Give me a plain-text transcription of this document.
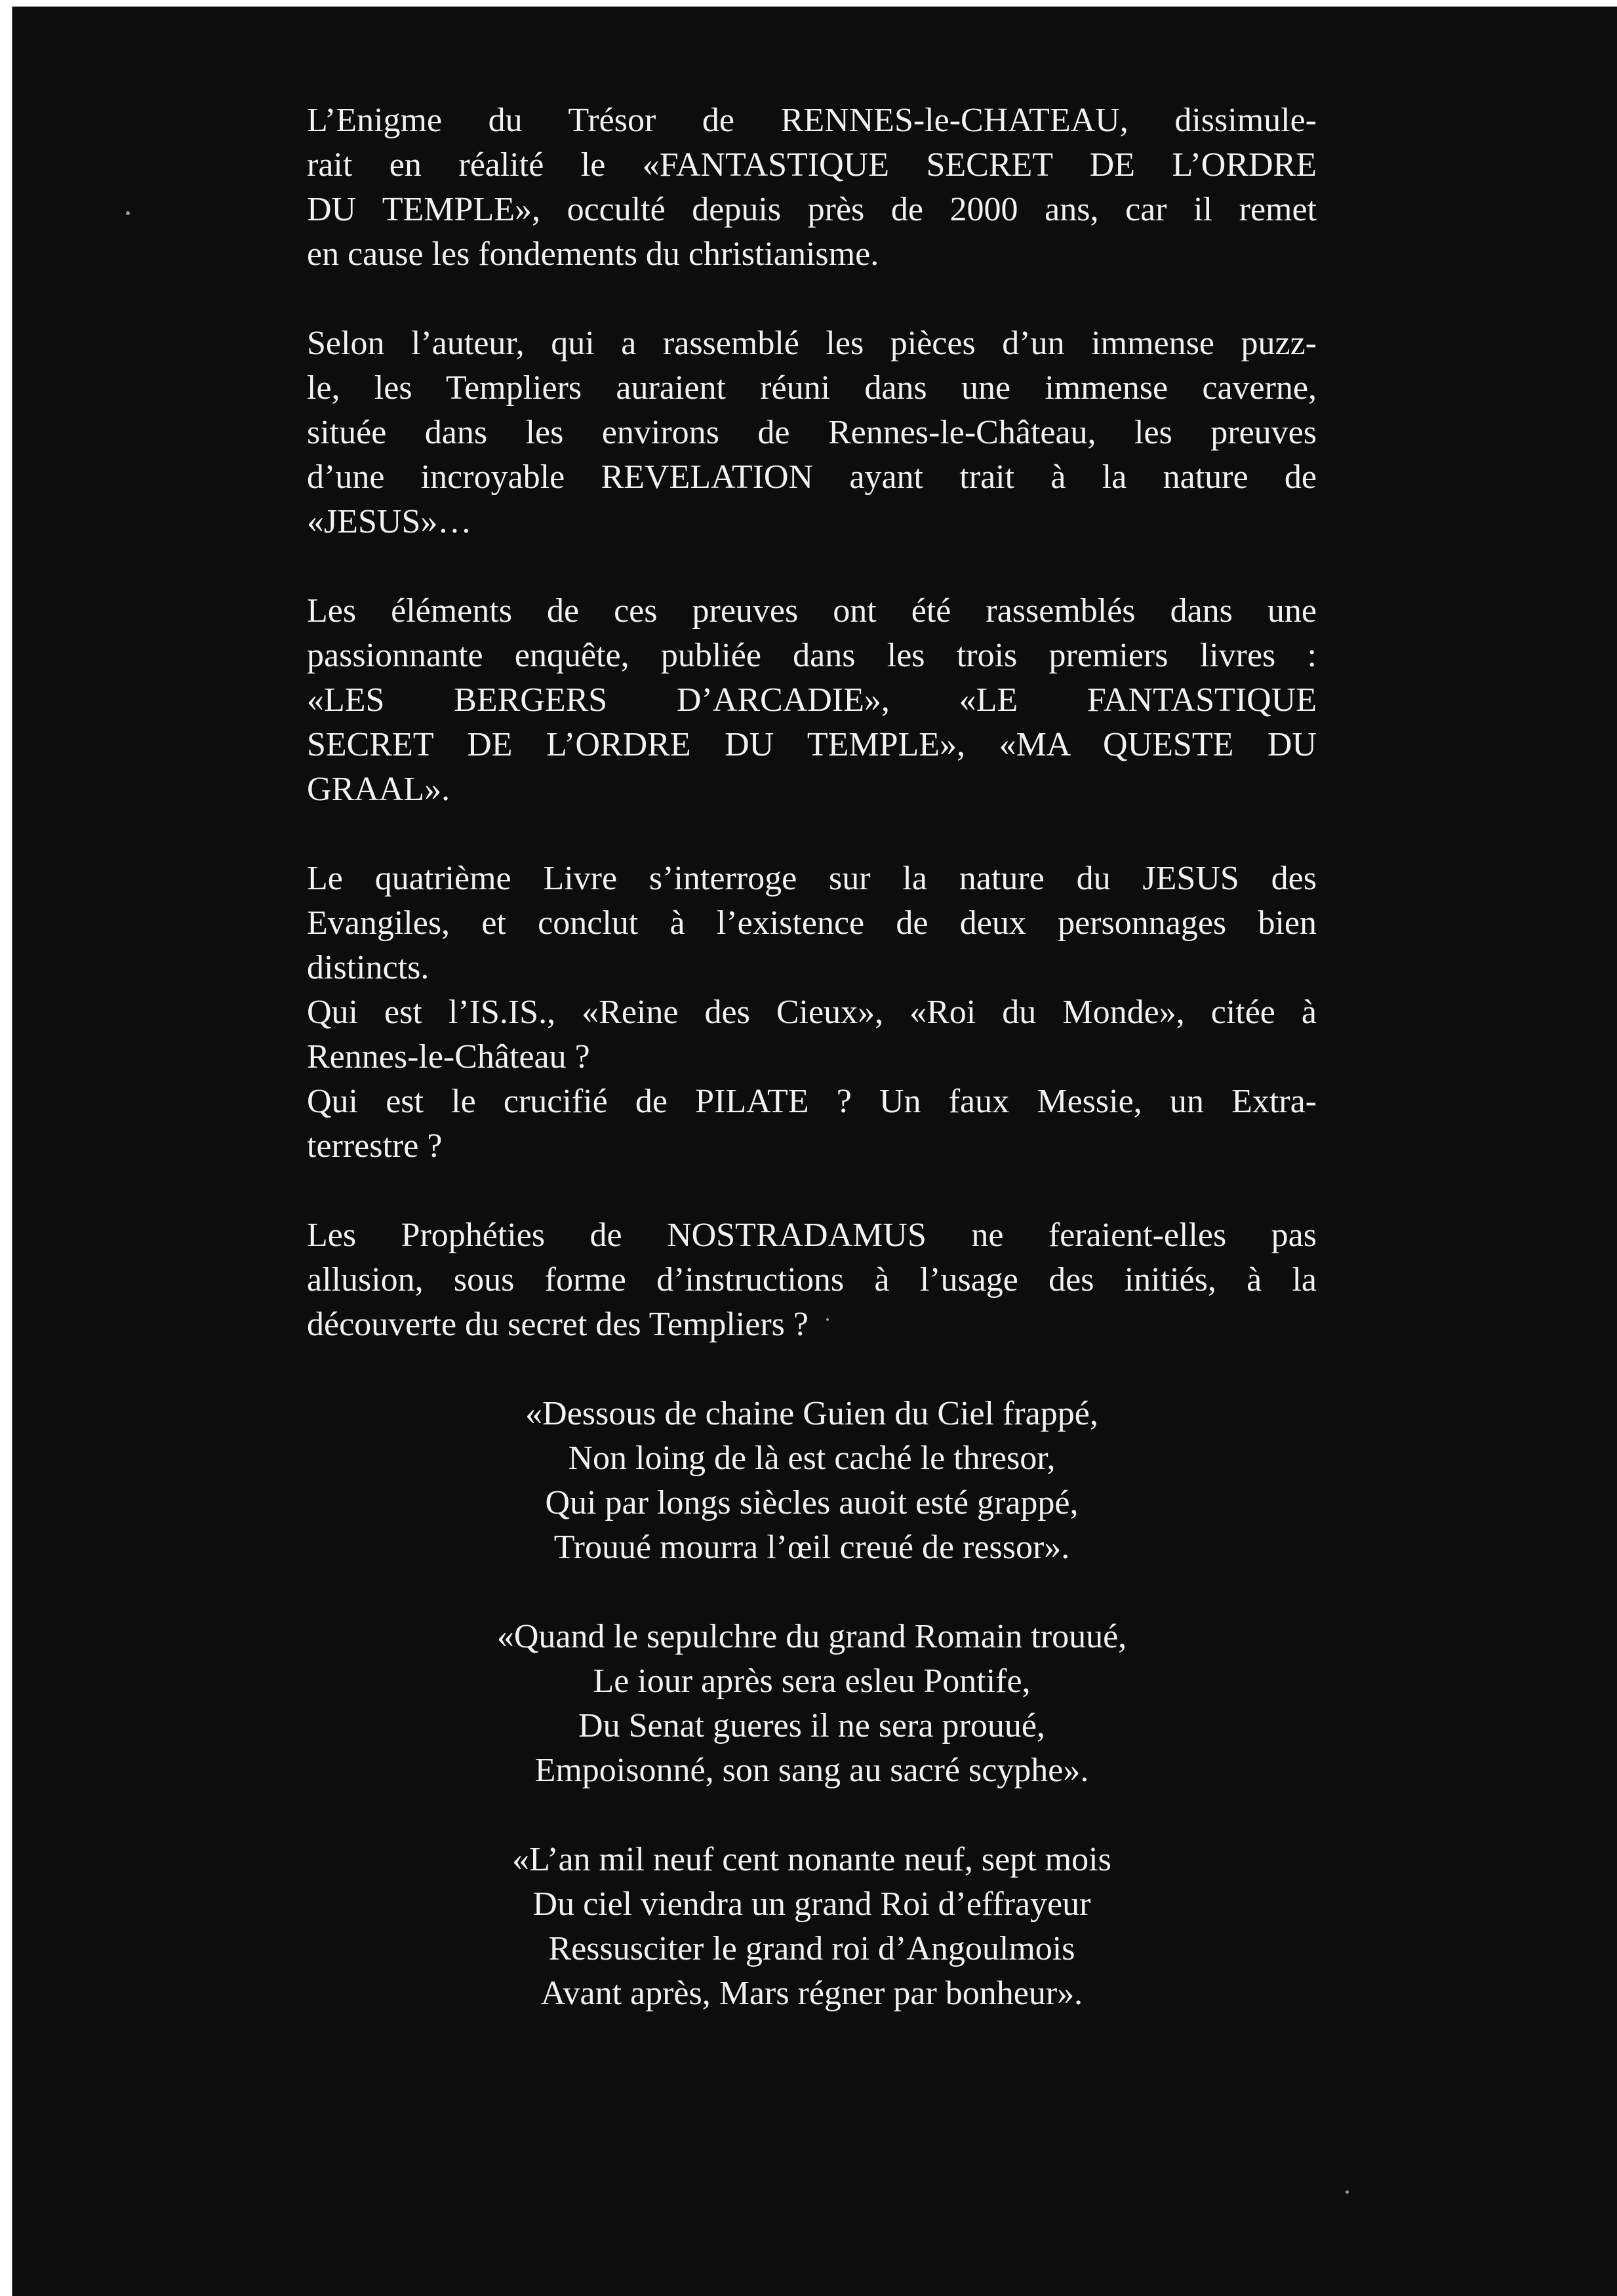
L’Enigme du Trésor de RENNES-le-CHATEAU, dissimule-
rait en réalité le «FANTASTIQUE SECRET DE L’ORDRE
DU TEMPLE», occulté depuis près de 2000 ans, car il remet
en cause les fondements du christianisme.
Selon l’auteur, qui a rassemblé les pièces d’un immense puzz-
le, les Templiers auraient réuni dans une immense caverne,
située dans les environs de Rennes-le-Château, les preuves
d’une incroyable REVELATION ayant trait à la nature de
«JESUS»…
Les éléments de ces preuves ont été rassemblés dans une
passionnante enquête, publiée dans les trois premiers livres :
«LES BERGERS D’ARCADIE», «LE FANTASTIQUE
SECRET DE L’ORDRE DU TEMPLE», «MA QUESTE DU
GRAAL».
Le quatrième Livre s’interroge sur la nature du JESUS des
Evangiles, et conclut à l’existence de deux personnages bien
distincts.
Qui est l’IS.IS., «Reine des Cieux», «Roi du Monde», citée à
Rennes-le-Château ?
Qui est le crucifié de PILATE ? Un faux Messie, un Extra-
terrestre ?
Les Prophéties de NOSTRADAMUS ne feraient-elles pas
allusion, sous forme d’instructions à l’usage des initiés, à la
découverte du secret des Templiers ?
«Dessous de chaine Guien du Ciel frappé,
Non loing de là est caché le thresor,
Qui par longs siècles auoit esté grappé,
Trouué mourra l’œil creué de ressor».
«Quand le sepulchre du grand Romain trouué,
Le iour après sera esleu Pontife,
Du Senat gueres il ne sera prouué,
Empoisonné, son sang au sacré scyphe».
«L’an mil neuf cent nonante neuf, sept mois
Du ciel viendra un grand Roi d’effrayeur
Ressusciter le grand roi d’Angoulmois
Avant après, Mars régner par bonheur».
